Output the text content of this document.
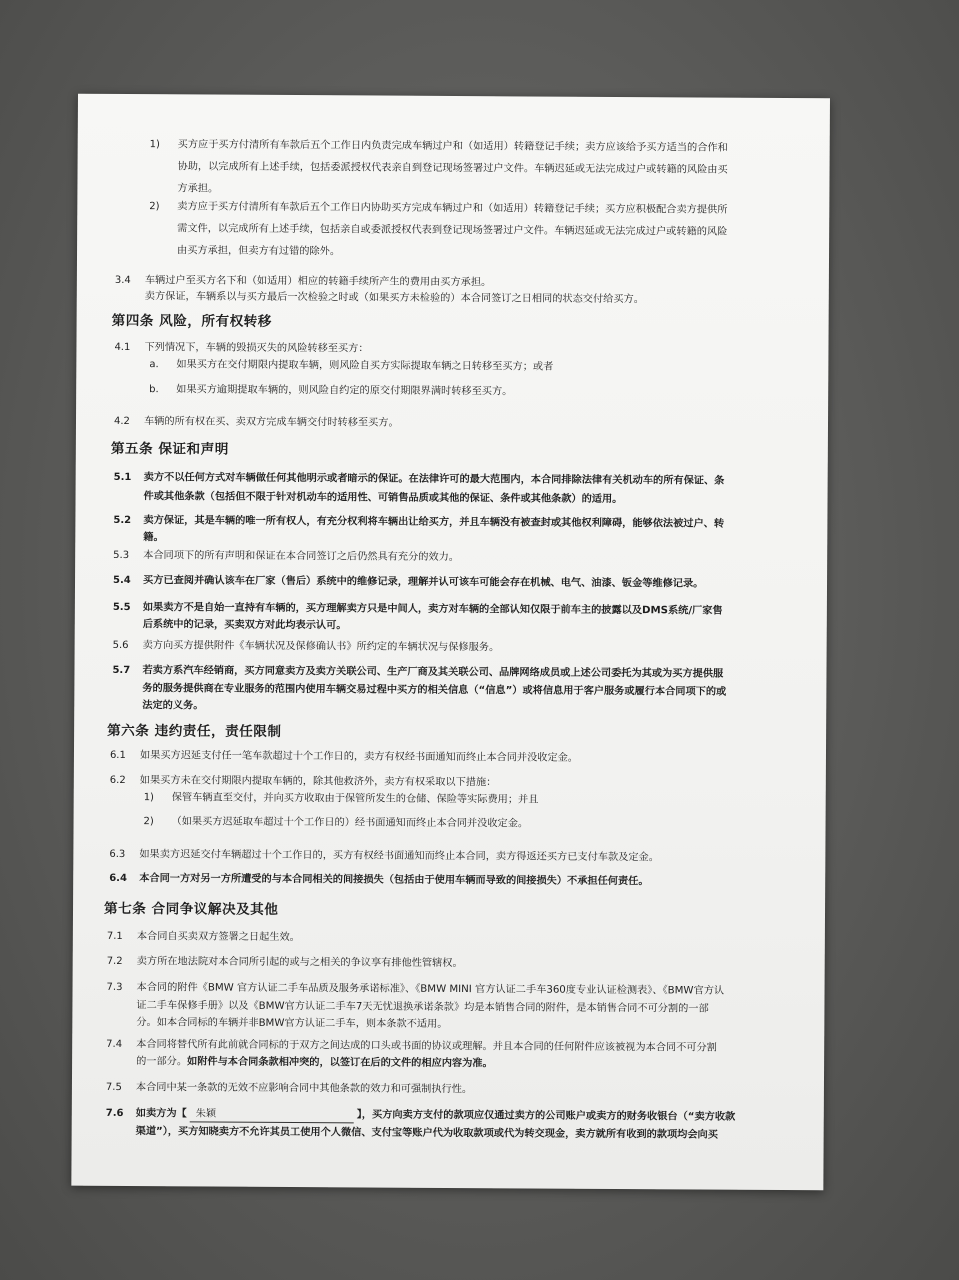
1) 买方应于买方付清所有车款后五个工作日内负责完成车辆过户和（如适用）转籍登记手续；卖方应该给予买方适当的合作和
协助，以完成所有上述手续，包括委派授权代表亲自到登记现场签署过户文件。车辆迟延或无法完成过户或转籍的风险由买
方承担。
2) 卖方应于买方付清所有车款后五个工作日内协助买方完成车辆过户和（如适用）转籍登记手续；买方应积极配合卖方提供所
需文件，以完成所有上述手续，包括亲自或委派授权代表到登记现场签署过户文件。车辆迟延或无法完成过户或转籍的风险
由买方承担，但卖方有过错的除外。
3.4 车辆过户至买方名下和（如适用）相应的转籍手续所产生的费用由买方承担。
卖方保证，车辆系以与买方最后一次检验之时或（如果买方未检验的）本合同签订之日相同的状态交付给买方。
第四条 风险，所有权转移
4.1 下列情况下，车辆的毁损灭失的风险转移至买方：
a. 如果买方在交付期限内提取车辆，则风险自买方实际提取车辆之日转移至买方；或者
b. 如果买方逾期提取车辆的，则风险自约定的原交付期限界满时转移至买方。
4.2 车辆的所有权在买、卖双方完成车辆交付时转移至买方。
第五条 保证和声明
5.1 卖方不以任何方式对车辆做任何其他明示或者暗示的保证。在法律许可的最大范围内，本合同排除法律有关机动车的所有保证、条
件或其他条款（包括但不限于针对机动车的适用性、可销售品质或其他的保证、条件或其他条款）的适用。
5.2 卖方保证，其是车辆的唯一所有权人，有充分权利将车辆出让给买方，并且车辆没有被查封或其他权利障碍，能够依法被过户、转
籍。
5.3 本合同项下的所有声明和保证在本合同签订之后仍然具有充分的效力。
5.4 买方已查阅并确认该车在厂家（售后）系统中的维修记录，理解并认可该车可能会存在机械、电气、油漆、钣金等维修记录。
5.5 如果卖方不是自始一直持有车辆的，买方理解卖方只是中间人，卖方对车辆的全部认知仅限于前车主的披露以及DMS系统/厂家售
后系统中的记录，买卖双方对此均表示认可。
5.6 卖方向买方提供附件《车辆状况及保修确认书》所约定的车辆状况与保修服务。
5.7 若卖方系汽车经销商，买方同意卖方及卖方关联公司、生产厂商及其关联公司、品牌网络成员或上述公司委托为其或为买方提供服
务的服务提供商在专业服务的范围内使用车辆交易过程中买方的相关信息（“信息”）或将信息用于客户服务或履行本合同项下的或
法定的义务。
第六条 违约责任，责任限制
6.1 如果买方迟延支付任一笔车款超过十个工作日的，卖方有权经书面通知而终止本合同并没收定金。
6.2 如果买方未在交付期限内提取车辆的，除其他救济外，卖方有权采取以下措施：
1) 保管车辆直至交付，并向买方收取由于保管所发生的仓储、保险等实际费用；并且
2) （如果买方迟延取车超过十个工作日的）经书面通知而终止本合同并没收定金。
6.3 如果卖方迟延交付车辆超过十个工作日的，买方有权经书面通知而终止本合同，卖方得返还买方已支付车款及定金。
6.4 本合同一方对另一方所遭受的与本合同相关的间接损失（包括由于使用车辆而导致的间接损失）不承担任何责任。
第七条 合同争议解决及其他
7.1 本合同自买卖双方签署之日起生效。
7.2 卖方所在地法院对本合同所引起的或与之相关的争议享有排他性管辖权。
7.3 本合同的附件《BMW 官方认证二手车品质及服务承诺标准》、《BMW MINI 官方认证二手车360度专业认证检测表》、《BMW官方认
证二手车保修手册》以及《BMW官方认证二手车7天无忧退换承诺条款》均是本销售合同的附件，是本销售合同不可分割的一部
分。如本合同标的车辆并非BMW官方认证二手车，则本条款不适用。
7.4 本合同将替代所有此前就合同标的于双方之间达成的口头或书面的协议或理解。并且本合同的任何附件应该被视为本合同不可分割
的一部分。如附件与本合同条款相冲突的，以签订在后的文件的相应内容为准。
7.5 本合同中某一条款的无效不应影响合同中其他条款的效力和可强制执行性。
7.6 如卖方为【 朱颖	】，买方向卖方支付的款项应仅通过卖方的公司账户或卖方的财务收银台（“卖方收款
渠道”），买方知晓卖方不允许其员工使用个人微信、支付宝等账户代为收取款项或代为转交现金，卖方就所有收到的款项均会向买
